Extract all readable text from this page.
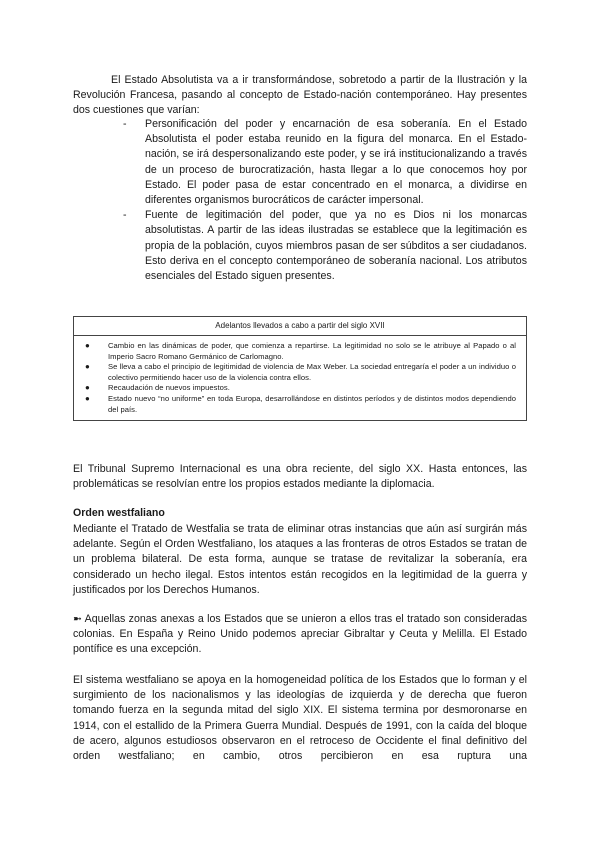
El Estado Absolutista va a ir transformándose, sobretodo a partir de la Ilustración y la Revolución Francesa, pasando al concepto de Estado-nación contemporáneo. Hay presentes dos cuestiones que varían:

- Personificación del poder y encarnación de esa soberanía. En el Estado Absolutista el poder estaba reunido en la figura del monarca. En el Estado-nación, se irá despersonalizando este poder, y se irá institucionalizando a través de un proceso de burocratización, hasta llegar a lo que conocemos hoy por Estado. El poder pasa de estar concentrado en el monarca, a dividirse en diferentes organismos burocráticos de carácter impersonal.
- Fuente de legitimación del poder, que ya no es Dios ni los monarcas absolutistas. A partir de las ideas ilustradas se establece que la legitimación es propia de la población, cuyos miembros pasan de ser súbditos a ser ciudadanos. Esto deriva en el concepto contemporáneo de soberanía nacional. Los atributos esenciales del Estado siguen presentes.
Adelantos llevados a cabo a partir del siglo XVII
● Cambio en las dinámicas de poder, que comienza a repartirse. La legitimidad no solo se le atribuye al Papado o al Imperio Sacro Romano Germánico de Carlomagno.
● Se lleva a cabo el principio de legitimidad de violencia de Max Weber. La sociedad entregaría el poder a un individuo o colectivo permitiendo hacer uso de la violencia contra ellos.
● Recaudación de nuevos impuestos.
● Estado nuevo “no uniforme” en toda Europa, desarrollándose en distintos períodos y de distintos modos dependiendo del país.

El Tribunal Supremo Internacional es una obra reciente, del siglo XX. Hasta entonces, las problemáticas se resolvían entre los propios estados mediante la diplomacia.

Orden westfaliano

Mediante el Tratado de Westfalia se trata de eliminar otras instancias que aún así surgirán más adelante. Según el Orden Westfaliano, los ataques a las fronteras de otros Estados se tratan de un problema bilateral. De esta forma, aunque se tratase de revitalizar la soberanía, era considerado un hecho ilegal. Estos intentos están recogidos en la legitimidad de la guerra y justificados por los Derechos Humanos.

➼ Aquellas zonas anexas a los Estados que se unieron a ellos tras el tratado son consideradas colonias. En España y Reino Unido podemos apreciar Gibraltar y Ceuta y Melilla. El Estado pontífice es una excepción.

El sistema westfaliano se apoya en la homogeneidad política de los Estados que lo forman y el surgimiento de los nacionalismos y las ideologías de izquierda y de derecha que fueron tomando fuerza en la segunda mitad del siglo XIX. El sistema termina por desmoronarse en 1914, con el estallido de la Primera Guerra Mundial. Después de 1991, con la caída del bloque de acero, algunos estudiosos observaron en el retroceso de Occidente el final definitivo del orden westfaliano; en cambio, otros percibieron en esa ruptura una
